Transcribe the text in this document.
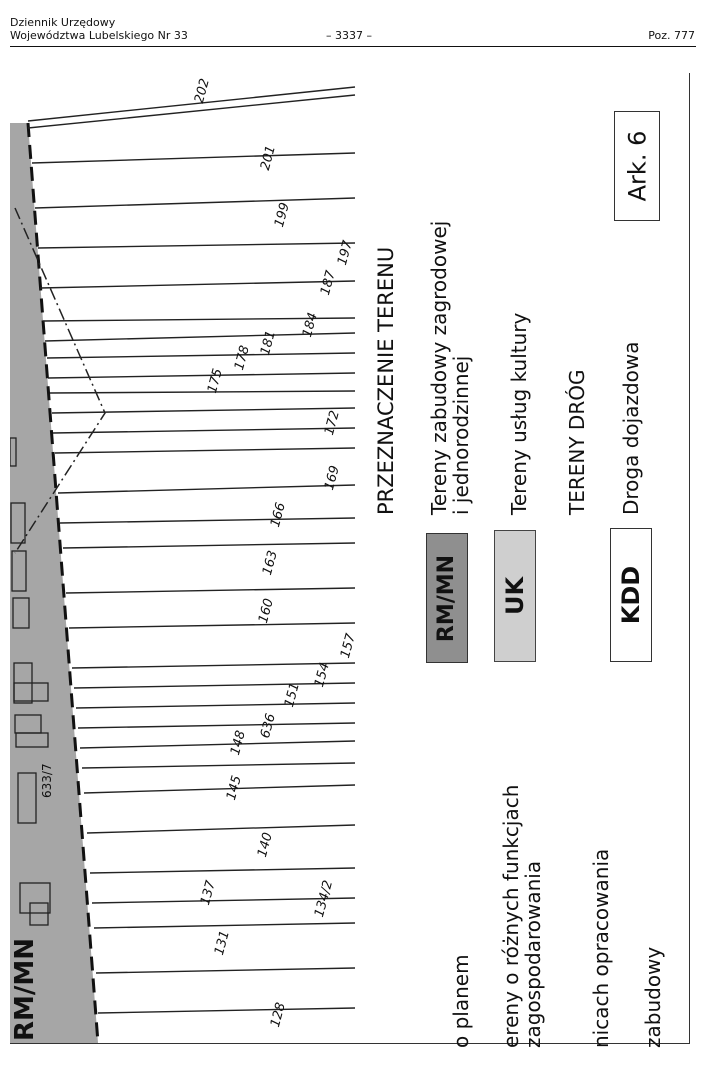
Dziennik Urzędowy
Województwa Lubelskiego Nr 33	– 3337 –	Poz. 777
RM/MN
633/7
202
201
199
197
187
184
181
178
175
172
169
166
163
160
157
154
151
636
148
145
140
137	134/2
131
128
PRZEZNACZENIE TERENU Tereny zabudowy zagrodowej
i jednorodzinnej
RM/MN
Tereny usług kultury
UK
TERENY DRÓG Droga dojazdowa
KDD
Ark. 6
o planem ereny o różnych funkcjach
zagospodarowania nicach opracowania zabudowy
